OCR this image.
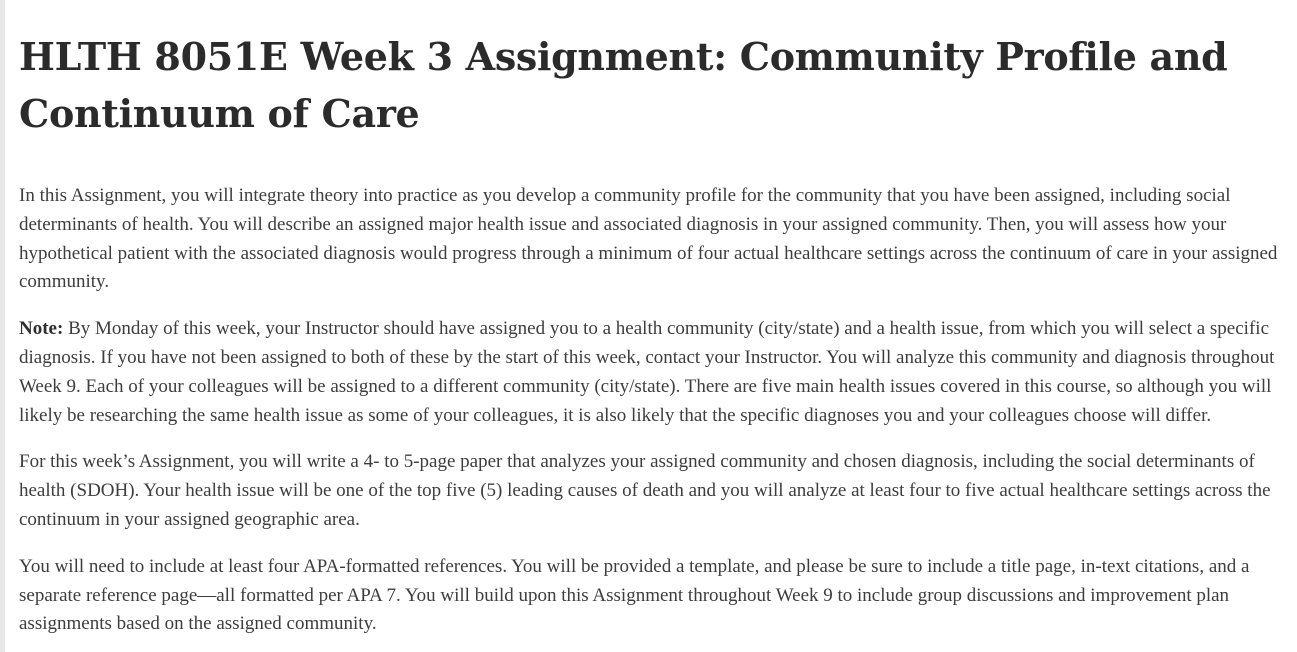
HLTH 8051E Week 3 Assignment: Community Profile and Continuum of Care

In this Assignment, you will integrate theory into practice as you develop a community profile for the community that you have been assigned, including social determinants of health. You will describe an assigned major health issue and associated diagnosis in your assigned community. Then, you will assess how your hypothetical patient with the associated diagnosis would progress through a minimum of four actual healthcare settings across the continuum of care in your assigned community.

Note: By Monday of this week, your Instructor should have assigned you to a health community (city/state) and a health issue, from which you will select a specific diagnosis. If you have not been assigned to both of these by the start of this week, contact your Instructor. You will analyze this community and diagnosis throughout Week 9. Each of your colleagues will be assigned to a different community (city/state). There are five main health issues covered in this course, so although you will likely be researching the same health issue as some of your colleagues, it is also likely that the specific diagnoses you and your colleagues choose will differ.

For this week’s Assignment, you will write a 4- to 5-page paper that analyzes your assigned community and chosen diagnosis, including the social determinants of health (SDOH). Your health issue will be one of the top five (5) leading causes of death and you will analyze at least four to five actual healthcare settings across the continuum in your assigned geographic area.

You will need to include at least four APA-formatted references. You will be provided a template, and please be sure to include a title page, in-text citations, and a separate reference page—all formatted per APA 7. You will build upon this Assignment throughout Week 9 to include group discussions and improvement plan assignments based on the assigned community.
